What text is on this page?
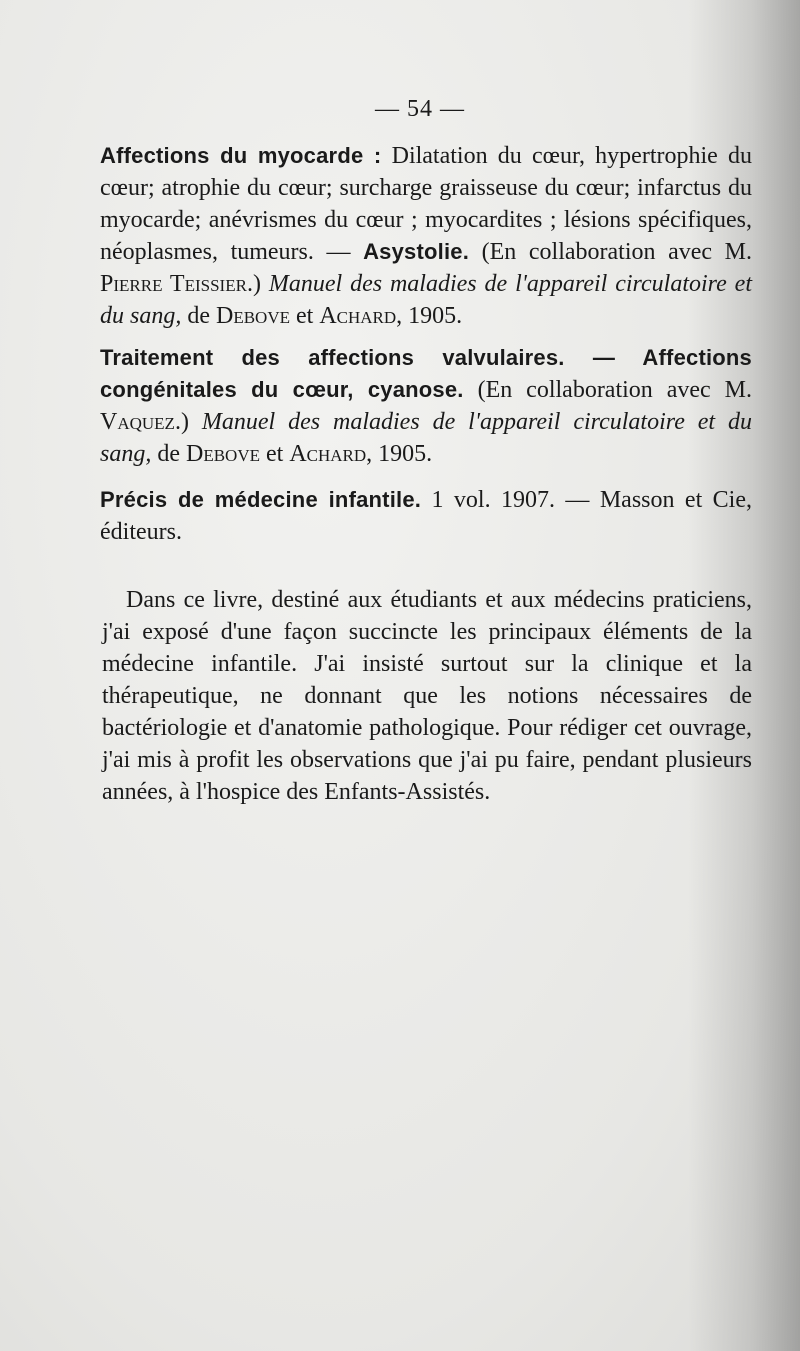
— 54 —
Affections du myocarde : Dilatation du cœur, hypertrophie du cœur; atrophie du cœur; surcharge graisseuse du cœur; infarctus du myocarde; anévrismes du cœur ; myocardites ; lésions spécifiques, néoplasmes, tumeurs. — Asystolie. (En collaboration avec M. Pierre Teissier.) Manuel des maladies de l'appareil circulatoire et du sang, de Debove et Achard, 1905.
Traitement des affections valvulaires. — Affections congénitales du cœur, cyanose. (En collaboration avec M. Vaquez.) Manuel des maladies de l'appareil circulatoire et du sang, de Debove et Achard, 1905.
Précis de médecine infantile. 1 vol. 1907. — Masson et Cie, éditeurs.
Dans ce livre, destiné aux étudiants et aux médecins praticiens, j'ai exposé d'une façon succincte les principaux éléments de la médecine infantile. J'ai insisté surtout sur la clinique et la thérapeutique, ne donnant que les notions nécessaires de bactériologie et d'anatomie pathologique. Pour rédiger cet ouvrage, j'ai mis à profit les observations que j'ai pu faire, pendant plusieurs années, à l'hospice des Enfants-Assistés.
